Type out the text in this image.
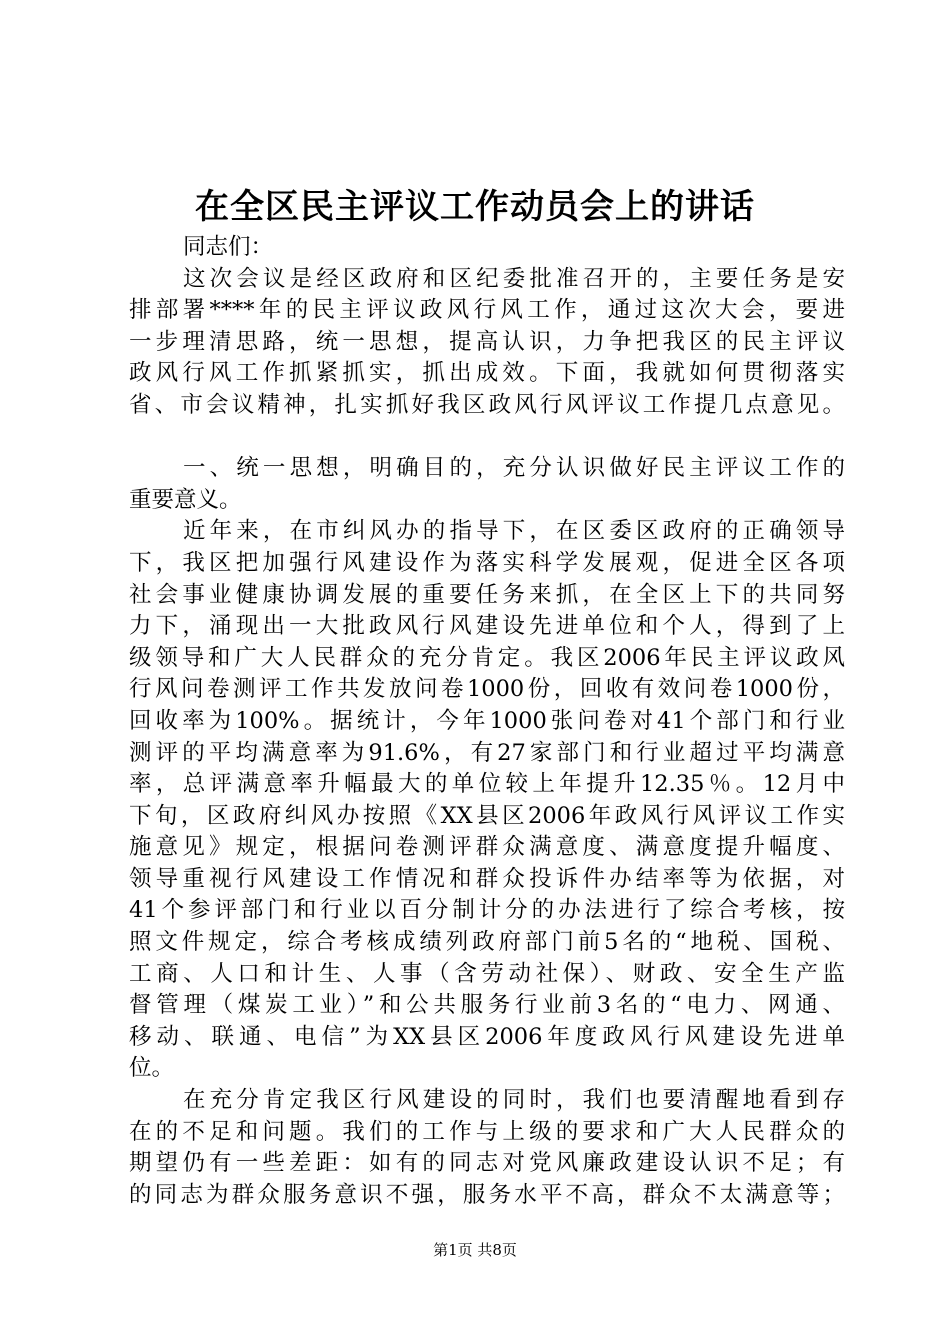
在全区民主评议工作动员会上的讲话
同志们：
这次会议是经区政府和区纪委批准召开的，主要任务是安
排部署****年的民主评议政风行风工作，通过这次大会，要进
一步理清思路，统一思想，提高认识，力争把我区的民主评议
政风行风工作抓紧抓实，抓出成效。下面，我就如何贯彻落实
省、市会议精神，扎实抓好我区政风行风评议工作提几点意见。
一、统一思想，明确目的，充分认识做好民主评议工作的
重要意义。
近年来，在市纠风办的指导下，在区委区政府的正确领导
下，我区把加强行风建设作为落实科学发展观，促进全区各项
社会事业健康协调发展的重要任务来抓，在全区上下的共同努
力下，涌现出一大批政风行风建设先进单位和个人，得到了上
级领导和广大人民群众的充分肯定。我区2006年民主评议政风
行风问卷测评工作共发放问卷1000份，回收有效问卷1000份，
回收率为100%。据统计，今年1000张问卷对41个部门和行业
测评的平均满意率为91.6%，有27家部门和行业超过平均满意
率，总评满意率升幅最大的单位较上年提升12.35％。12月中
下旬，区政府纠风办按照《XX县区2006年政风行风评议工作实
施意见》规定，根据问卷测评群众满意度、满意度提升幅度、
领导重视行风建设工作情况和群众投诉件办结率等为依据，对
41个参评部门和行业以百分制计分的办法进行了综合考核，按
照文件规定，综合考核成绩列政府部门前5名的“地税、国税、
工商、人口和计生、人事（含劳动社保）、财政、安全生产监
督管理（煤炭工业）”和公共服务行业前3名的“电力、网通、
移动、联通、电信”为XX县区2006年度政风行风建设先进单
位。
在充分肯定我区行风建设的同时，我们也要清醒地看到存
在的不足和问题。我们的工作与上级的要求和广大人民群众的
期望仍有一些差距：如有的同志对党风廉政建设认识不足；有
的同志为群众服务意识不强，服务水平不高，群众不太满意等；
第1页 共8页
